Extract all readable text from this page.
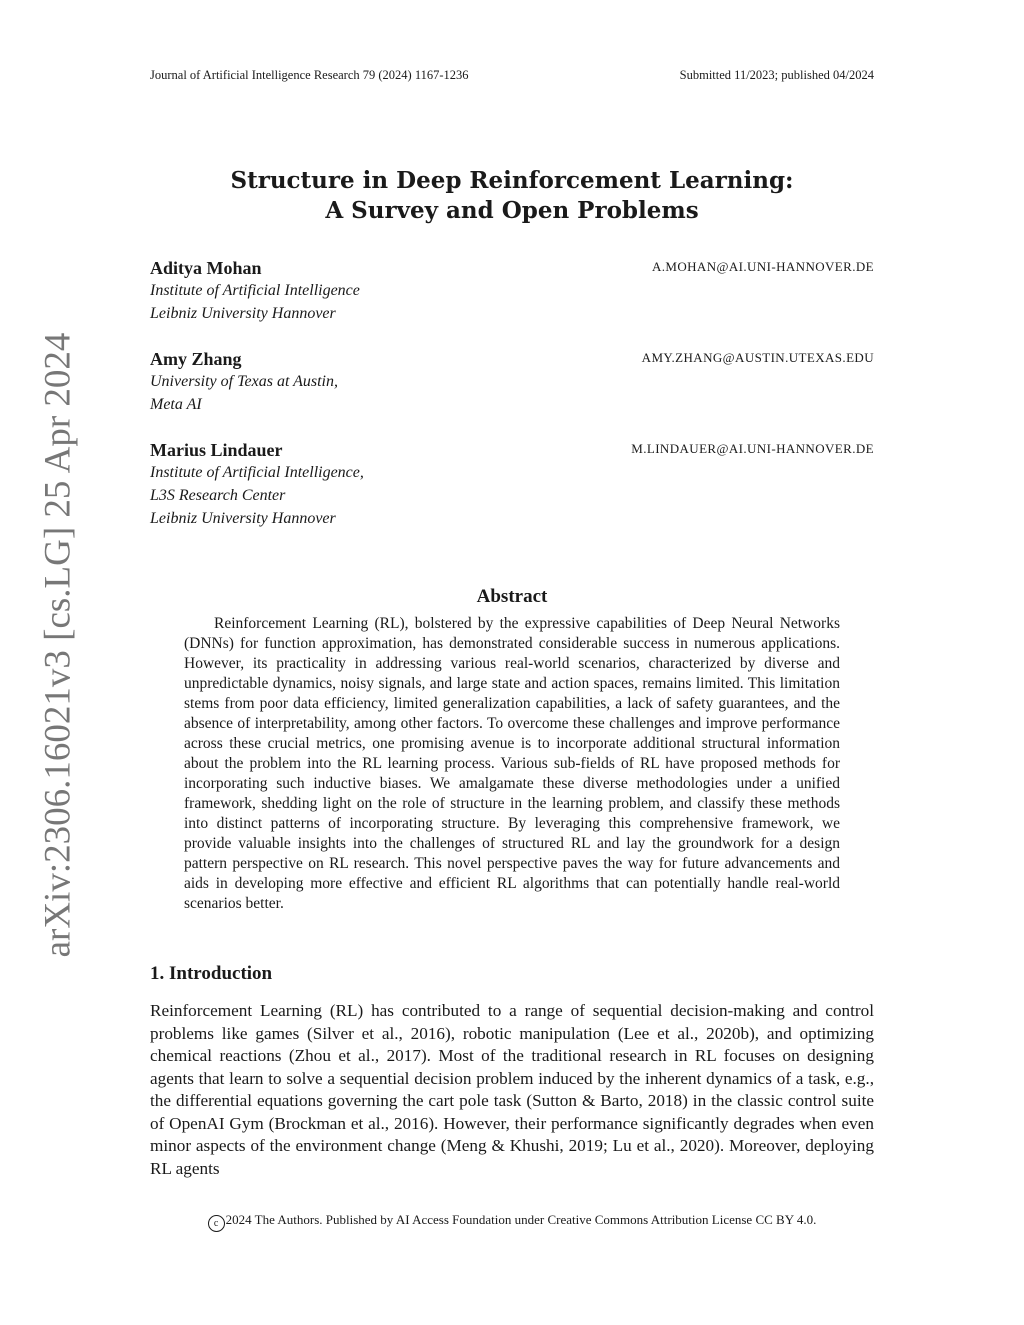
Journal of Artificial Intelligence Research 79 (2024) 1167-1236	Submitted 11/2023; published 04/2024
arXiv:2306.16021v3 [cs.LG] 25 Apr 2024
Structure in Deep Reinforcement Learning:
A Survey and Open Problems
Aditya Mohan	A.MOHAN@AI.UNI-HANNOVER.DE
Institute of Artificial Intelligence
Leibniz University Hannover
Amy Zhang	AMY.ZHANG@AUSTIN.UTEXAS.EDU
University of Texas at Austin,
Meta AI
Marius Lindauer	M.LINDAUER@AI.UNI-HANNOVER.DE
Institute of Artificial Intelligence,
L3S Research Center
Leibniz University Hannover
Abstract
Reinforcement Learning (RL), bolstered by the expressive capabilities of Deep Neural Networks (DNNs) for function approximation, has demonstrated considerable success in numerous applications. However, its practicality in addressing various real-world scenarios, characterized by diverse and unpredictable dynamics, noisy signals, and large state and action spaces, remains limited. This limitation stems from poor data efficiency, limited generalization capabilities, a lack of safety guarantees, and the absence of interpretability, among other factors. To overcome these challenges and improve performance across these crucial metrics, one promising avenue is to incorporate additional structural information about the problem into the RL learning process. Various sub-fields of RL have proposed methods for incorporating such inductive biases. We amalgamate these diverse methodologies under a unified framework, shedding light on the role of structure in the learning problem, and classify these methods into distinct patterns of incorporating structure. By leveraging this comprehensive framework, we provide valuable insights into the challenges of structured RL and lay the groundwork for a design pattern perspective on RL research. This novel perspective paves the way for future advancements and aids in developing more effective and efficient RL algorithms that can potentially handle real-world scenarios better.
1. Introduction
Reinforcement Learning (RL) has contributed to a range of sequential decision-making and control problems like games (Silver et al., 2016), robotic manipulation (Lee et al., 2020b), and optimizing chemical reactions (Zhou et al., 2017). Most of the traditional research in RL focuses on designing agents that learn to solve a sequential decision problem induced by the inherent dynamics of a task, e.g., the differential equations governing the cart pole task (Sutton & Barto, 2018) in the classic control suite of OpenAI Gym (Brockman et al., 2016). However, their performance significantly degrades when even minor aspects of the environment change (Meng & Khushi, 2019; Lu et al., 2020). Moreover, deploying RL agents
c 2024 The Authors. Published by AI Access Foundation under Creative Commons Attribution License CC BY 4.0.
